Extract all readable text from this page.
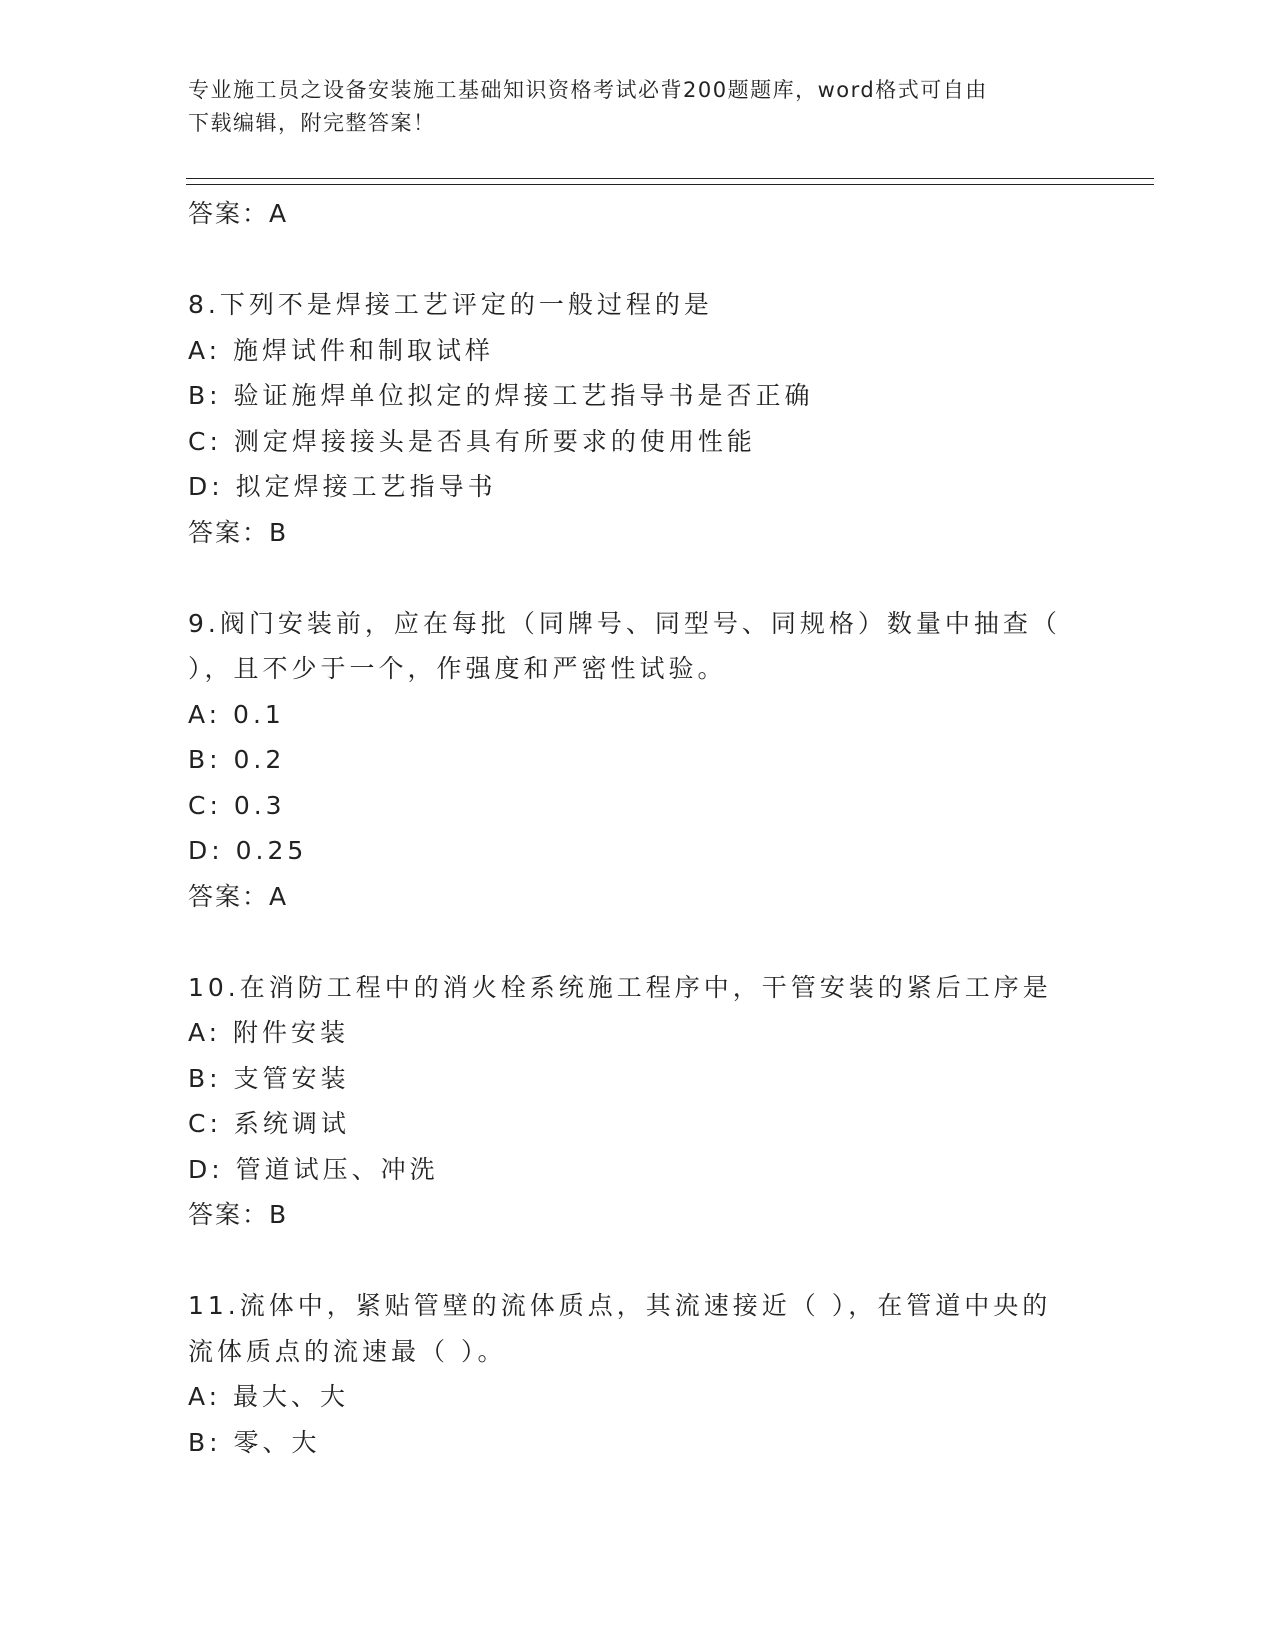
专业施工员之设备安装施工基础知识资格考试必背200题题库，word格式可自由
下载编辑，附完整答案！
答案：A
8.下列不是焊接工艺评定的一般过程的是
A: 施焊试件和制取试样
B: 验证施焊单位拟定的焊接工艺指导书是否正确
C: 测定焊接接头是否具有所要求的使用性能
D: 拟定焊接工艺指导书
答案：B
9.阀门安装前，应在每批（同牌号、同型号、同规格）数量中抽查（
），且不少于一个，作强度和严密性试验。
A: 0.1
B: 0.2
C: 0.3
D: 0.25
答案：A
10.在消防工程中的消火栓系统施工程序中，干管安装的紧后工序是
A: 附件安装
B: 支管安装
C: 系统调试
D: 管道试压、冲洗
答案：B
11.流体中，紧贴管壁的流体质点，其流速接近（ ），在管道中央的
流体质点的流速最（ ）。
A: 最大、大
B: 零、大
